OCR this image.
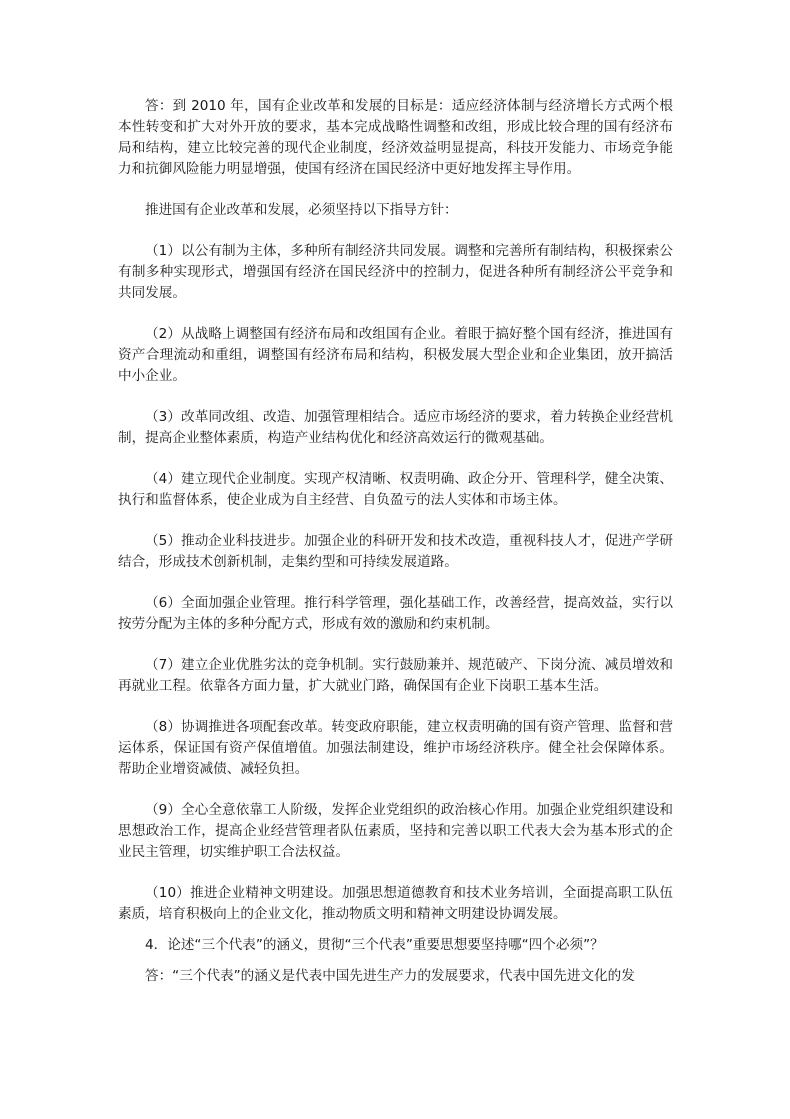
答：到 2010 年，国有企业改革和发展的目标是：适应经济体制与经济增长方式两个根本性转变和扩大对外开放的要求，基本完成战略性调整和改组，形成比较合理的国有经济布局和结构，建立比较完善的现代企业制度，经济效益明显提高，科技开发能力、市场竞争能力和抗御风险能力明显增强，使国有经济在国民经济中更好地发挥主导作用。

推进国有企业改革和发展，必须坚持以下指导方针：

（1）以公有制为主体，多种所有制经济共同发展。调整和完善所有制结构，积极探索公有制多种实现形式，增强国有经济在国民经济中的控制力，促进各种所有制经济公平竞争和共同发展。

（2）从战略上调整国有经济布局和改组国有企业。着眼于搞好整个国有经济，推进国有资产合理流动和重组，调整国有经济布局和结构，积极发展大型企业和企业集团，放开搞活中小企业。

（3）改革同改组、改造、加强管理相结合。适应市场经济的要求，着力转换企业经营机制，提高企业整体素质，构造产业结构优化和经济高效运行的微观基础。

（4）建立现代企业制度。实现产权清晰、权责明确、政企分开、管理科学，健全决策、执行和监督体系，使企业成为自主经营、自负盈亏的法人实体和市场主体。

（5）推动企业科技进步。加强企业的科研开发和技术改造，重视科技人才，促进产学研结合，形成技术创新机制，走集约型和可持续发展道路。

（6）全面加强企业管理。推行科学管理，强化基础工作，改善经营，提高效益，实行以按劳分配为主体的多种分配方式，形成有效的激励和约束机制。

（7）建立企业优胜劣汰的竞争机制。实行鼓励兼并、规范破产、下岗分流、减员增效和再就业工程。依靠各方面力量，扩大就业门路，确保国有企业下岗职工基本生活。

（8）协调推进各项配套改革。转变政府职能，建立权责明确的国有资产管理、监督和营运体系，保证国有资产保值增值。加强法制建设，维护市场经济秩序。健全社会保障体系。帮助企业增资减债、减轻负担。

（9）全心全意依靠工人阶级，发挥企业党组织的政治核心作用。加强企业党组织建设和思想政治工作，提高企业经营管理者队伍素质，坚持和完善以职工代表大会为基本形式的企业民主管理，切实维护职工合法权益。

（10）推进企业精神文明建设。加强思想道德教育和技术业务培训，全面提高职工队伍素质，培育积极向上的企业文化，推动物质文明和精神文明建设协调发展。

4．论述“三个代表”的涵义，贯彻“三个代表”重要思想要坚持哪“四个必须”？

答：“三个代表”的涵义是代表中国先进生产力的发展要求，代表中国先进文化的发
